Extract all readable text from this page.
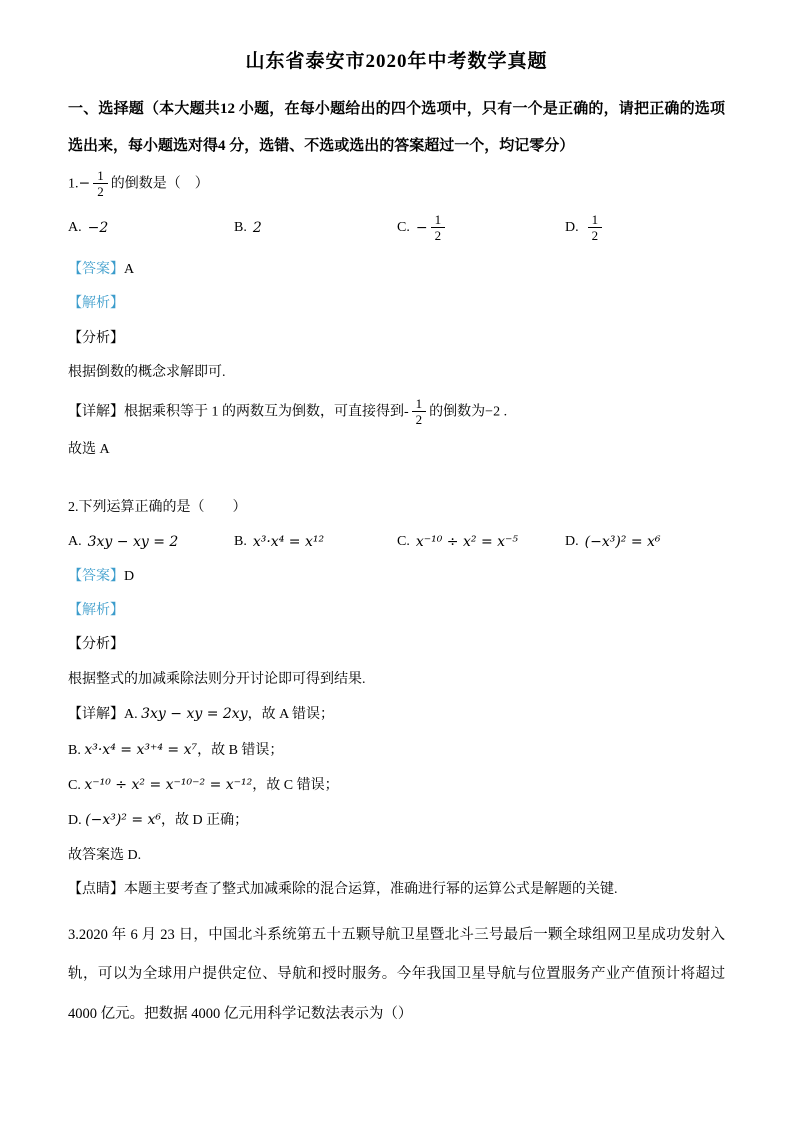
山东省泰安市2020年中考数学真题

一、选择题（本大题共12 小题，在每小题给出的四个选项中，只有一个是正确的，请把正确的选项选出来，每小题选对得4 分，选错、不选或选出的答案超过一个，均记零分）

$1.- \frac{1}{2}$ 的倒数是（　）

A. −2	B. 2	C. − $\frac{1}{2}$	D. $\frac{1}{2}$

【答案】A

【解析】

【分析】

根据倒数的概念求解即可.

【详解】根据乘积等于 1 的两数互为倒数，可直接得到- $\frac{1}{2}$ 的倒数为−2 .

故选 A

2.下列运算正确的是（　　）

A. 3xy − xy = 2	B. x³·x⁴ = x¹²	C. x⁻¹⁰ ÷ x² = x⁻⁵	D. (−x³)² = x⁶

【答案】D

【解析】

【分析】

根据整式的加减乘除法则分开讨论即可得到结果.

【详解】A. 3xy − xy = 2xy，故 A 错误；

B. x³·x⁴ = x³⁺⁴ = x⁷，故 B 错误；

C. x⁻¹⁰ ÷ x² = x⁻¹⁰⁻² = x⁻¹²，故 C 错误；

D. (−x³)² = x⁶，故 D 正确；

故答案选 D.

【点睛】本题主要考查了整式加减乘除的混合运算，准确进行幂的运算公式是解题的关键.

3.2020 年 6 月 23 日，中国北斗系统第五十五颗导航卫星暨北斗三号最后一颗全球组网卫星成功发射入轨，可以为全球用户提供定位、导航和授时服务。今年我国卫星导航与位置服务产业产值预计将超过 4000 亿元。把数据 4000 亿元用科学记数法表示为（）
